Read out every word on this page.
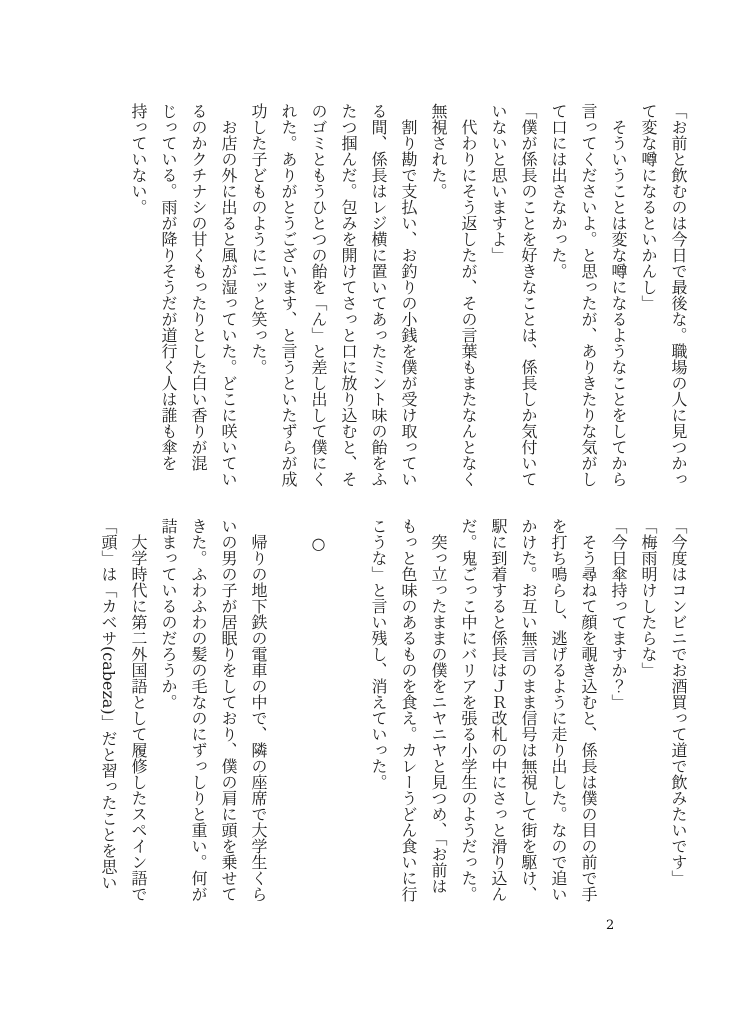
「お前と飲むのは今日で最後な。職場の人に見つかっ
て変な噂になるといかんし」
　そういうことは変な噂になるようなことをしてから
言ってくださいよ。と思ったが、ありきたりな気がし
て口には出さなかった。
「僕が係長のことを好きなことは、係長しか気付いて
いないと思いますよ」
　代わりにそう返したが、その言葉もまたなんとなく
無視された。
　割り勘で支払い、お釣りの小銭を僕が受け取ってい
る間、係長はレジ横に置いてあったミント味の飴をふ
たつ掴んだ。包みを開けてさっと口に放り込むと、そ
のゴミともうひとつの飴を「ん」と差し出して僕にく
れた。ありがとうございます、と言うといたずらが成
功した子どものようにニッと笑った。
　お店の外に出ると風が湿っていた。どこに咲いてい
るのかクチナシの甘くもったりとした白い香りが混
じっている。雨が降りそうだが道行く人は誰も傘を
持っていない。
「今度はコンビニでお酒買って道で飲みたいです」
「梅雨明けしたらな」
「今日傘持ってますか？」
　そう尋ねて顔を覗き込むと、係長は僕の目の前で手
を打ち鳴らし、逃げるように走り出した。なので追い
かけた。お互い無言のまま信号は無視して街を駆け、
駅に到着すると係長はＪＲ改札の中にさっと滑り込ん
だ。鬼ごっこ中にバリアを張る小学生のようだった。
　突っ立ったままの僕をニヤニヤと見つめ、「お前は
もっと色味のあるものを食え。カレーうどん食いに行
こうな」と言い残し、消えていった。

　○

　帰りの地下鉄の電車の中で、隣の座席で大学生くら
いの男の子が居眠りをしており、僕の肩に頭を乗せて
きた。ふわふわの髪の毛なのにずっしりと重い。何が
詰まっているのだろうか。
　大学時代に第二外国語として履修したスペイン語で
「頭」は「カベサ(cabeza)」だと習ったことを思い
2
